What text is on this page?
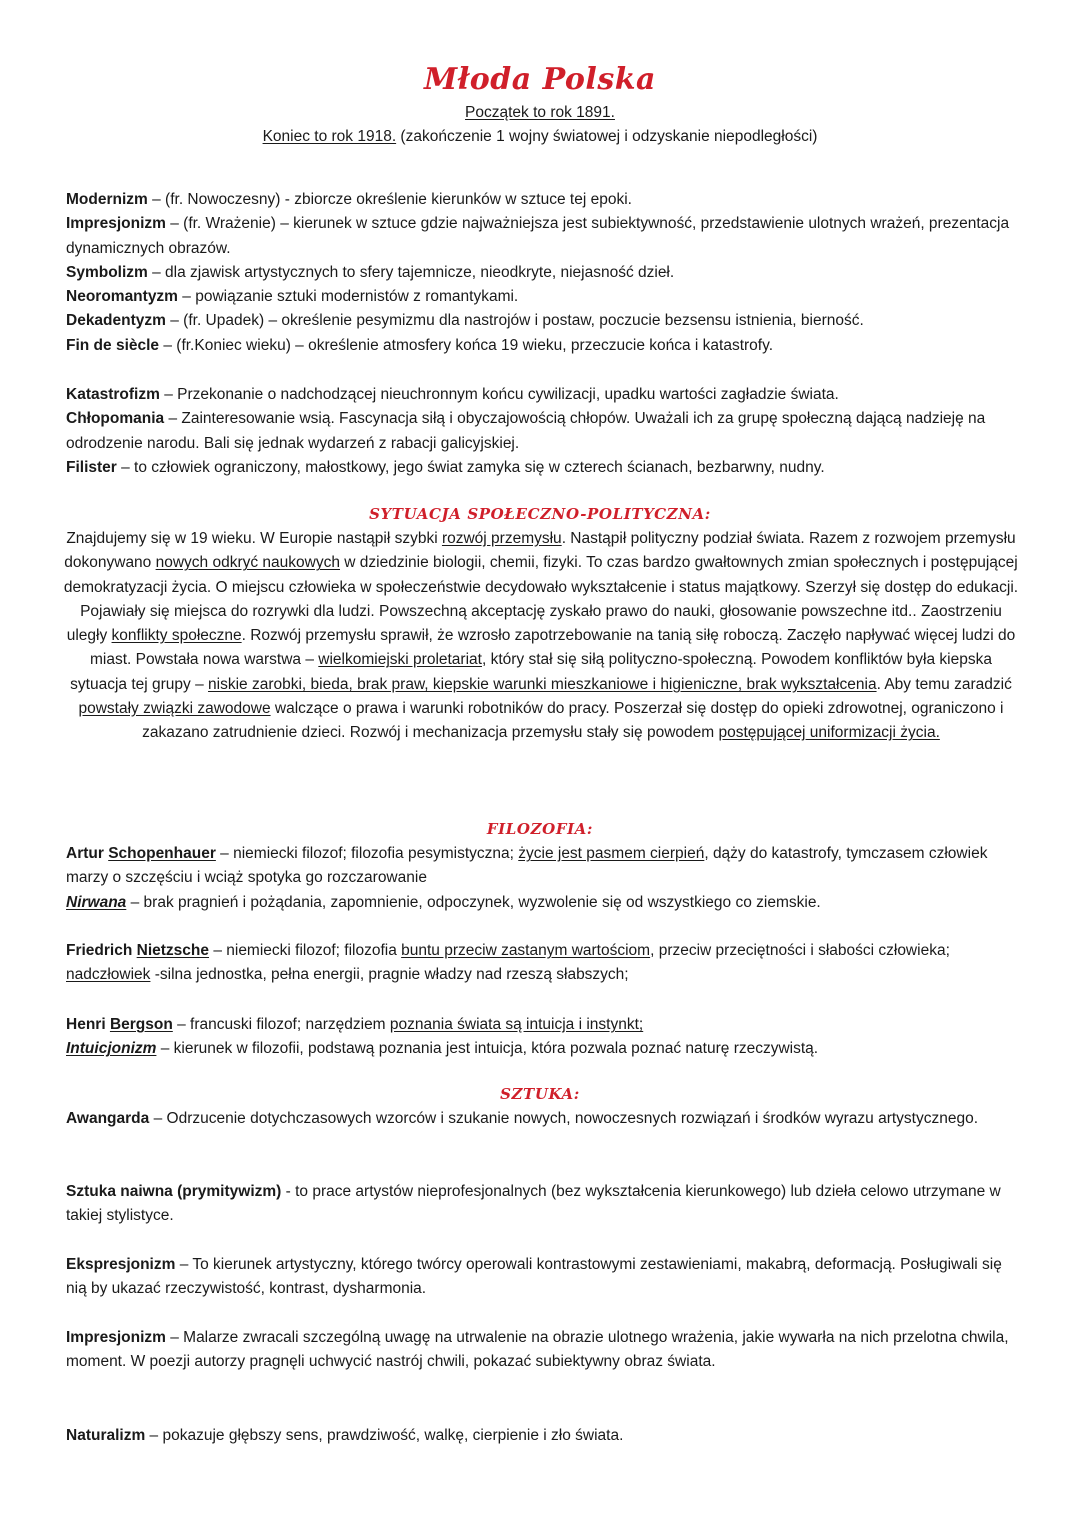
Młoda Polska
Początek to rok 1891.
Koniec to rok 1918. (zakończenie 1 wojny światowej i odzyskanie niepodległości)

Modernizm – (fr. Nowoczesny) - zbiorcze określenie kierunków w sztuce tej epoki.

Impresjonizm – (fr. Wrażenie) – kierunek w sztuce gdzie najważniejsza jest subiektywność, przedstawienie ulotnych wrażeń, prezentacja dynamicznych obrazów.

Symbolizm – dla zjawisk artystycznych to sfery tajemnicze, nieodkryte, niejasność dzieł.

Neoromantyzm – powiązanie sztuki modernistów z romantykami.

Dekadentyzm – (fr. Upadek) – określenie pesymizmu dla nastrojów i postaw, poczucie bezsensu istnienia, bierność.

Fin de siècle – (fr.Koniec wieku) – określenie atmosfery końca 19 wieku, przeczucie końca i katastrofy.

Katastrofizm – Przekonanie o nadchodzącej nieuchronnym końcu cywilizacji, upadku wartości zagładzie świata.

Chłopomania – Zainteresowanie wsią. Fascynacja siłą i obyczajowością chłopów. Uważali ich za grupę społeczną dającą nadzieję na odrodzenie narodu. Bali się jednak wydarzeń z rabacji galicyjskiej.

Filister – to człowiek ograniczony, małostkowy, jego świat zamyka się w czterech ścianach, bezbarwny, nudny.

SYTUACJA SPOŁECZNO-POLITYCZNA:

Znajdujemy się w 19 wieku. W Europie nastąpił szybki rozwój przemysłu. Nastąpił polityczny podział świata. Razem z rozwojem przemysłu dokonywano nowych odkryć naukowych w dziedzinie biologii, chemii, fizyki. To czas bardzo gwałtownych zmian społecznych i postępującej demokratyzacji życia. O miejscu człowieka w społeczeństwie decydowało wykształcenie i status majątkowy. Szerzył się dostęp do edukacji. Pojawiały się miejsca do rozrywki dla ludzi. Powszechną akceptację zyskało prawo do nauki, głosowanie powszechne itd.. Zaostrzeniu uległy konflikty społeczne. Rozwój przemysłu sprawił, że wzrosło zapotrzebowanie na tanią siłę roboczą. Zaczęło napływać więcej ludzi do miast. Powstała nowa warstwa – wielkomiejski proletariat, który stał się siłą polityczno-społeczną. Powodem konfliktów była kiepska sytuacja tej grupy – niskie zarobki, bieda, brak praw, kiepskie warunki mieszkaniowe i higieniczne, brak wykształcenia. Aby temu zaradzić powstały związki zawodowe walczące o prawa i warunki robotników do pracy. Poszerzał się dostęp do opieki zdrowotnej, ograniczono i zakazano zatrudnienie dzieci. Rozwój i mechanizacja przemysłu stały się powodem postępującej uniformizacji życia.

FILOZOFIA:

Artur Schopenhauer – niemiecki filozof; filozofia pesymistyczna; życie jest pasmem cierpień, dąży do katastrofy, tymczasem człowiek marzy o szczęściu i wciąż spotyka go rozczarowanie

Nirwana – brak pragnień i pożądania, zapomnienie, odpoczynek, wyzwolenie się od wszystkiego co ziemskie.

Friedrich Nietzsche – niemiecki filozof; filozofia buntu przeciw zastanym wartościom, przeciw przeciętności i słabości człowieka; nadczłowiek -silna jednostka, pełna energii, pragnie władzy nad rzeszą słabszych;

Henri Bergson – francuski filozof; narzędziem poznania świata są intuicja i instynkt;

Intuicjonizm – kierunek w filozofii, podstawą poznania jest intuicja, która pozwala poznać naturę rzeczywistą.

SZTUKA:

Awangarda – Odrzucenie dotychczasowych wzorców i szukanie nowych, nowoczesnych rozwiązań i środków wyrazu artystycznego.

Sztuka naiwna (prymitywizm) - to prace artystów nieprofesjonalnych (bez wykształcenia kierunkowego) lub dzieła celowo utrzymane w takiej stylistyce.

Ekspresjonizm – To kierunek artystyczny, którego twórcy operowali kontrastowymi zestawieniami, makabrą, deformacją. Posługiwali się nią by ukazać rzeczywistość, kontrast, dysharmonia.

Impresjonizm – Malarze zwracali szczególną uwagę na utrwalenie na obrazie ulotnego wrażenia, jakie wywarła na nich przelotna chwila, moment. W poezji autorzy pragnęli uchwycić nastrój chwili, pokazać subiektywny obraz świata.

Naturalizm – pokazuje głębszy sens, prawdziwość, walkę, cierpienie i zło świata.
